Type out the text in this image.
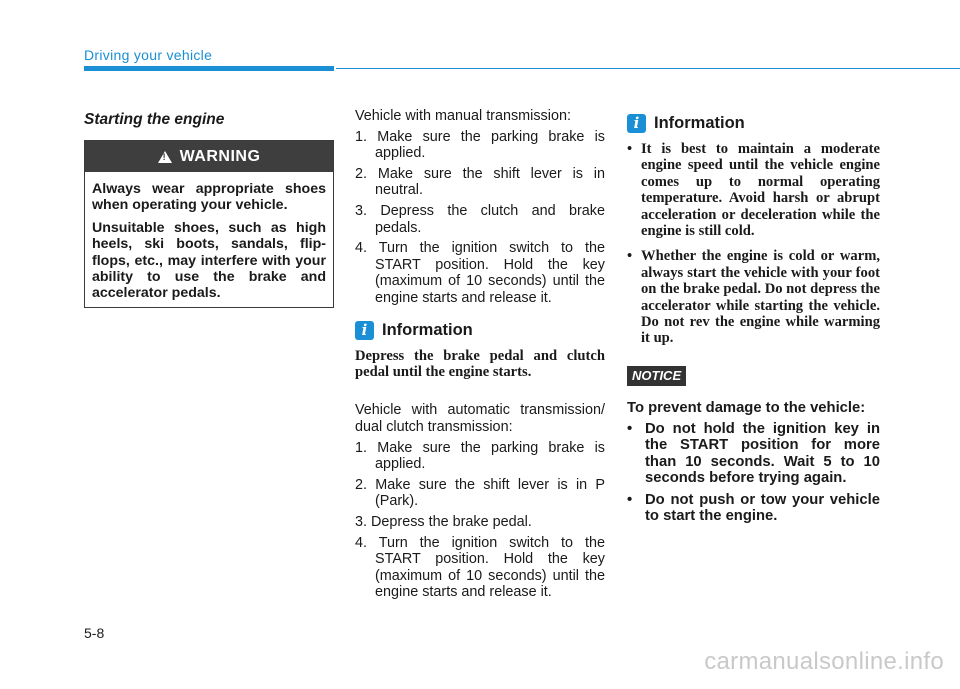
Driving your vehicle
Starting the engine
!
WARNING

Always wear appropriate shoes when operating your vehicle.

Unsuitable shoes, such as high heels, ski boots, sandals, flip-flops, etc., may interfere with your ability to use the brake and accelerator pedals.

Vehicle with manual transmission:

1. Make sure the parking brake is applied.
2. Make sure the shift lever is in neutral.
3. Depress the clutch and brake pedals.
4. Turn the ignition switch to the START position. Hold the key (maximum of 10 seconds) until the engine starts and release it.
i Information

Depress the brake pedal and clutch pedal until the engine starts.

Vehicle with automatic transmission/ dual clutch transmission:

1. Make sure the parking brake is applied.
2. Make sure the shift lever is in P (Park).
3. Depress the brake pedal.
4. Turn the ignition switch to the START position. Hold the key (maximum of 10 seconds) until the engine starts and release it.
i Information
• It is best to maintain a moderate engine speed until the vehicle engine comes up to normal operating temperature. Avoid harsh or abrupt acceleration or deceleration while the engine is still cold.
• Whether the engine is cold or warm, always start the vehicle with your foot on the brake pedal. Do not depress the accelerator while starting the vehicle. Do not rev the engine while warming it up.
NOTICE

To prevent damage to the vehicle:

• Do not hold the ignition key in the START position for more than 10 seconds. Wait 5 to 10 seconds before trying again.
• Do not push or tow your vehicle to start the engine.
5-8
carmanualsonline.info
